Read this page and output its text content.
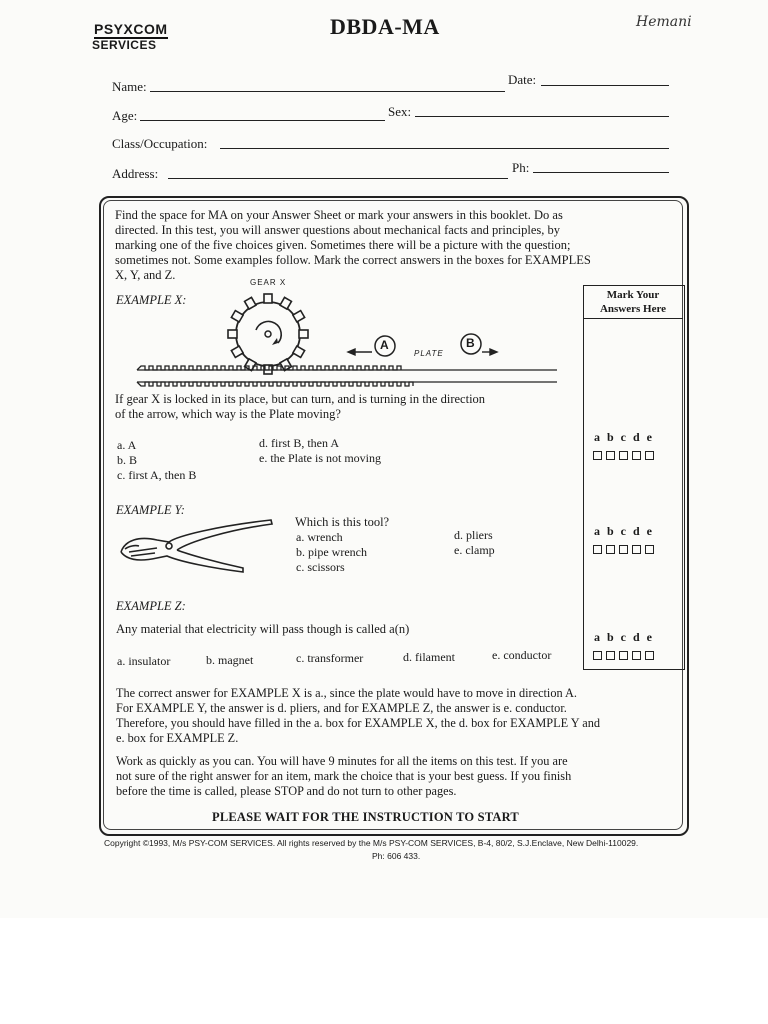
PSYXCOM
SERVICES
DBDA-MA	Hemani
Name:	Date:
Age:	Sex:
Class/Occupation:
Address:	Ph:
Find the space for MA on your Answer Sheet or mark your answers in this booklet. Do as
directed. In this test, you will answer questions about mechanical facts and principles, by
marking one of the five choices given. Sometimes there will be a picture with the question;
sometimes not. Some examples follow. Mark the correct answers in the boxes for EXAMPLES
X, Y, and Z.
Mark Your
Answers Here
EXAMPLE X:
GEAR X
PLATE
A	B
If gear X is locked in its place, but can turn, and is turning in the direction
of the arrow, which way is the Plate moving?
a. A
b. B
c. first A, then B
d. first B, then A
e. the Plate is not moving
abcde
EXAMPLE Y:
Which is this tool?
a. wrench
b. pipe wrench
c. scissors
d. pliers
e. clamp
abcde
EXAMPLE Z:
Any material that electricity will pass though is called a(n)
a. insulator	b. magnet	c. transformer	d. filament	e. conductor
abcde
The correct answer for EXAMPLE X is a., since the plate would have to move in direction A.
For EXAMPLE Y, the answer is d. pliers, and for EXAMPLE Z, the answer is e. conductor.
Therefore, you should have filled in the a. box for EXAMPLE X, the d. box for EXAMPLE Y and
e. box for EXAMPLE Z.
Work as quickly as you can. You will have 9 minutes for all the items on this test. If you are
not sure of the right answer for an item, mark the choice that is your best guess. If you finish
before the time is called, please STOP and do not turn to other pages.
PLEASE WAIT FOR THE INSTRUCTION TO START
Copyright ©1993, M/s PSY-COM SERVICES. All rights reserved by the M/s PSY-COM SERVICES, B-4, 80/2, S.J.Enclave, New Delhi-110029.
Ph: 606 433.
